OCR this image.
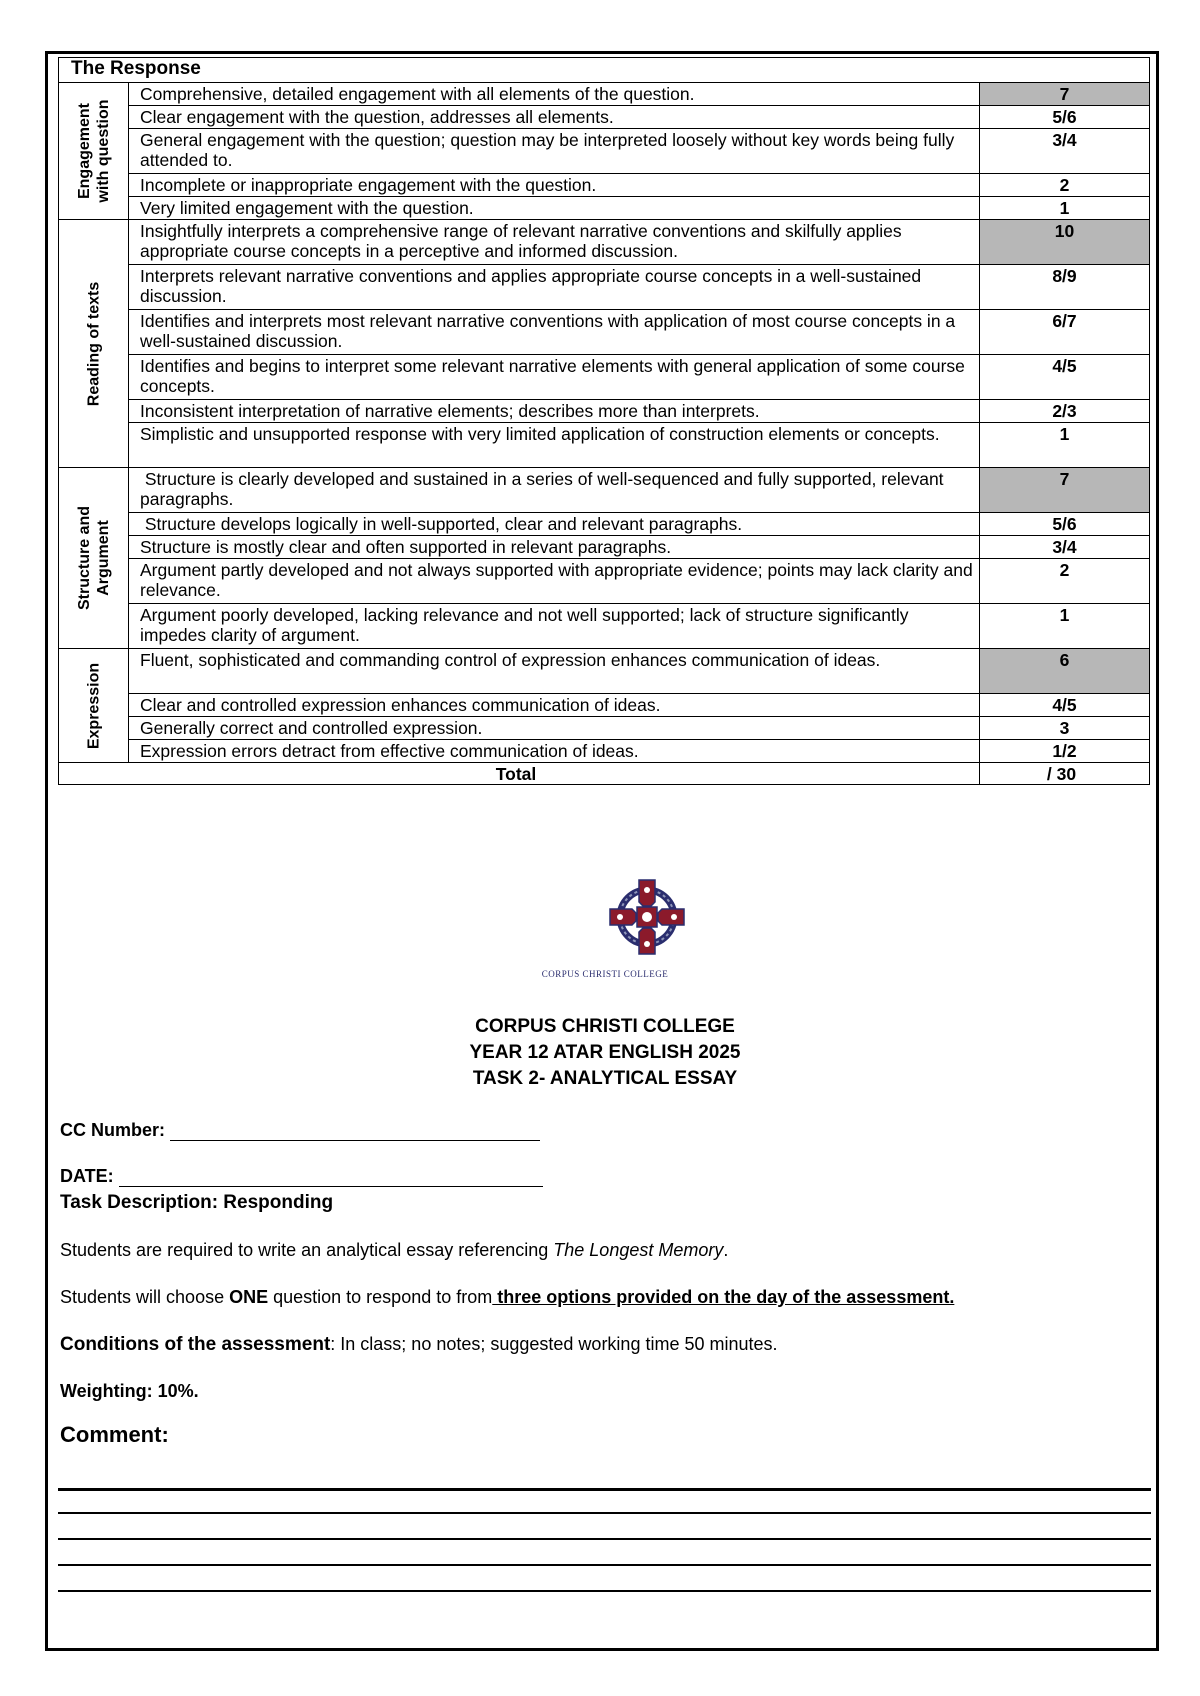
The Response		

Engagement with question	Comprehensive, detailed engagement with all elements of the question.	7
	Clear engagement with the question, addresses all elements.	5/6
	General engagement with the question; question may be interpreted loosely without key words being fully attended to.	3/4
	Incomplete or inappropriate engagement with the question.	2
	Very limited engagement with the question.	1

Reading of texts	Insightfully interprets a comprehensive range of relevant narrative conventions and skilfully applies appropriate course concepts in a perceptive and informed discussion.	10
	Interprets relevant narrative conventions and applies appropriate course concepts in a well-sustained discussion.	8/9
	Identifies and interprets most relevant narrative conventions with application of most course concepts in a well-sustained discussion.	6/7
	Identifies and begins to interpret some relevant narrative elements with general application of some course concepts.	4/5
	Inconsistent interpretation of narrative elements; describes more than interprets.	2/3
	Simplistic and unsupported response with very limited application of construction elements or concepts.	1

Structure and Argument	Structure is clearly developed and sustained in a series of well-sequenced and fully supported, relevant paragraphs.	7
	Structure develops logically in well-supported, clear and relevant paragraphs.	5/6
	Structure is mostly clear and often supported in relevant paragraphs.	3/4
	Argument partly developed and not always supported with appropriate evidence; points may lack clarity and relevance.	2
	Argument poorly developed, lacking relevance and not well supported; lack of structure significantly impedes clarity of argument.	1

Expression	Fluent, sophisticated and commanding control of expression enhances communication of ideas.	6
	Clear and controlled expression enhances communication of ideas.	4/5
	Generally correct and controlled expression.	3
	Expression errors detract from effective communication of ideas.	1/2
Total		/ 30
CORPUS CHRISTI COLLEGE
CORPUS CHRISTI COLLEGE
YEAR 12 ATAR ENGLISH 2025
TASK 2- ANALYTICAL ESSAY
CC Number:
DATE:
Task Description: Responding
Students are required to write an analytical essay referencing The Longest Memory.
Students will choose ONE question to respond to from three options provided on the day of the assessment.
Conditions of the assessment: In class; no notes; suggested working time 50 minutes.
Weighting: 10%.
Comment:
